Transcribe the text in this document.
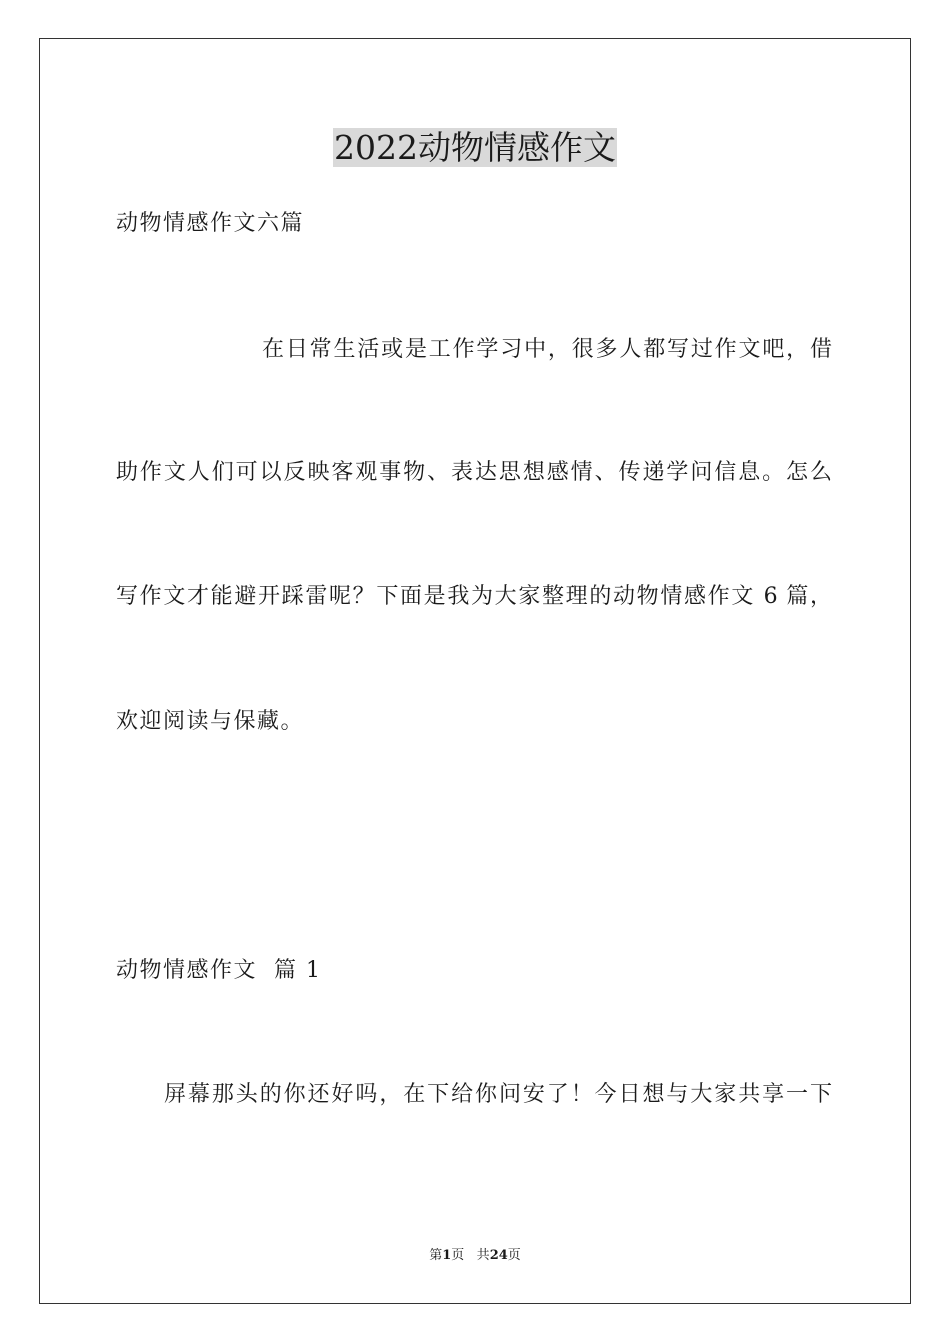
2022动物情感作文
动物情感作文六篇
在日常生活或是工作学习中，很多人都写过作文吧，借
助作文人们可以反映客观事物、表达思想感情、传递学问信息。怎么
写作文才能避开踩雷呢？下面是我为大家整理的动物情感作文 6 篇，
欢迎阅读与保藏。
动物情感作文  篇 1
屏幕那头的你还好吗，在下给你问安了！今日想与大家共享一下
第1页 共24页
